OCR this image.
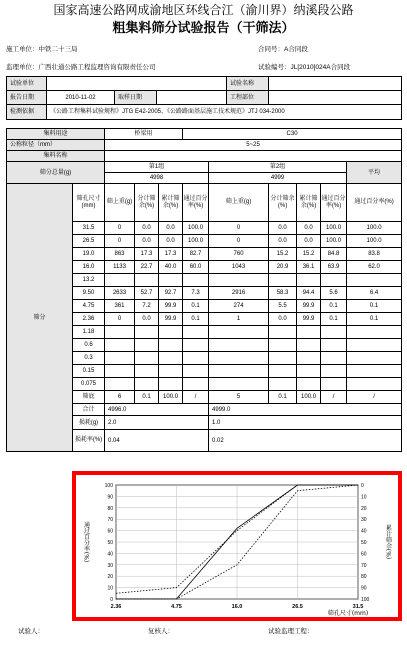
国家高速公路网成渝地区环线合江（渝川界）纳溪段公路
粗集料筛分试验报告（干筛法）
施工单位：中铁二十三局	合同号：A合同段
监理单位：广西壮通公路工程监理咨询有限责任公司	试验编号：JL[2010]024A合同段
试验单位				试验名称	
报告日期	2010-11-02	取样日期		工程部位	
检测依据	《公路工程集料试验规程》JTG E42-2005、《公路路面基层施工技术规范》JTJ 034-2000				
集料用途		桥梁用			C30					
公称粒径（mm）		5~25								
集料名称										
筛分总量(g)		第1组				第2组				平均
		4998				4999				
筛分	筛孔尺寸(mm)	筛上重(g)	分计筛余(%)	累计筛余(%)	通过百分率(%)	筛上重(g)	分计筛余(%)	累计筛余(%)	通过百分率(%)	通过百分率(%)
	31.5	0	0.0	0.0	100.0	0	0.0	0.0	100.0	100.0
	26.5	0	0.0	0.0	100.0	0	0.0	0.0	100.0	100.0
	19.0	863	17.3	17.3	82.7	760	15.2	15.2	84.8	83.8
	16.0	1133	22.7	40.0	60.0	1043	20.9	36.1	63.9	62.0
	13.2									
	9.50	2633	52.7	92.7	7.3	2916	58.3	94.4	5.6	6.4
	4.75	361	7.2	99.9	0.1	274	5.5	99.9	0.1	0.1
	2.36	0	0.0	99.9	0.1	1	0.0	99.9	0.1	0.1
	1.18									
	0.6									
	0.3									
	0.15									
	0.075									
	筛底	6	0.1	100.0	/	5	0.1	100.0	/	/
	合计	4996.0				4999.0				
	损耗(g)	2.0				1.0				
	损耗率(%)	0.04				0.02				
0	100
10	90
20	80
30	70
40	60
50	50
60	40
70	30
80	20
90	10
100	0
2.36	4.75	16.0	26.5	31.5
通过百分率(%)	累计筛余(%)
筛孔尺寸(mm)
试验人：	复核人：	试验监理工程：
